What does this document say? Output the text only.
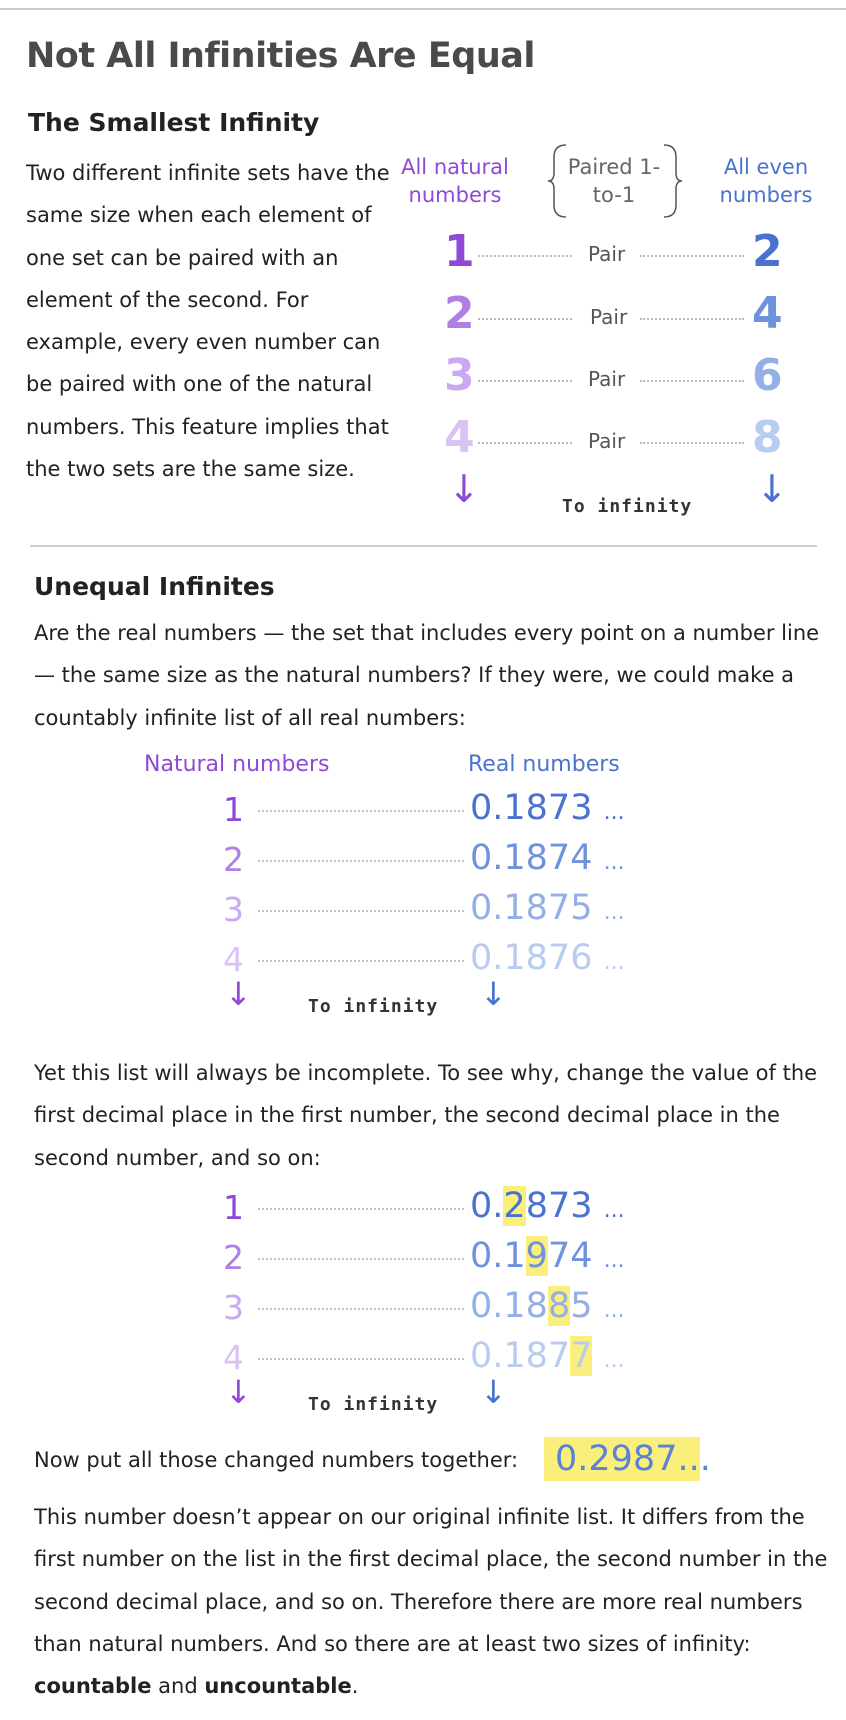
Not All Infinities Are Equal
The Smallest Infinity
Two different infinite sets have the same size when each element of one set can be paired with an element of the second. For example, every even number can be paired with one of the natural numbers. This feature implies that the two sets are the same size.
All natural numbers
Paired 1-to-1
All even numbers
1	Pair	2
2	Pair	4
3	Pair	6
4	Pair	8
↓	To infinity ↓
Unequal Infinites
Are the real numbers — the set that includes every point on a number line — the same size as the natural numbers? If they were, we could make a countably infinite list of all real numbers:
Natural numbers	Real numbers
1	0.1873 ...
2	0.1874 ...
3	0.1875 ...
4	0.1876 ...
↓	To infinity ↓
Yet this list will always be incomplete. To see why, change the value of the first decimal place in the first number, the second decimal place in the second number, and so on:
1	0.2873 ...
2	0.1974 ...
3	0.1885 ...
4	0.1877 ...
↓	To infinity ↓
Now put all those changed numbers together: 0.2987...
This number doesn’t appear on our original infinite list. It differs from the first number on the list in the first decimal place, the second number in the second decimal place, and so on. Therefore there are more real numbers than natural numbers. And so there are at least two sizes of infinity: countable and uncountable.
